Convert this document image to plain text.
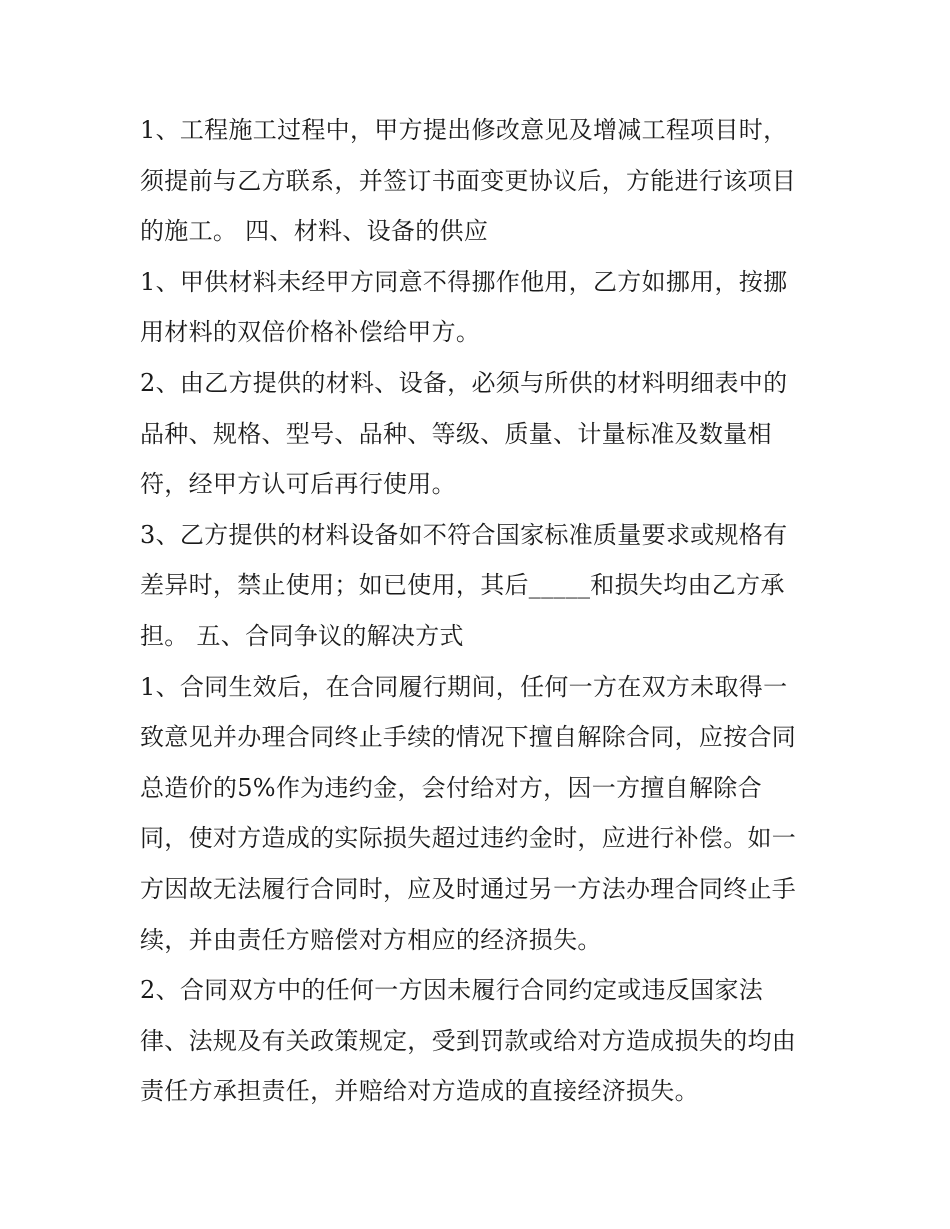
1、工程施工过程中，甲方提出修改意见及增减工程项目时，
须提前与乙方联系，并签订书面变更协议后，方能进行该项目
的施工。 四、材料、设备的供应
1、甲供材料未经甲方同意不得挪作他用，乙方如挪用，按挪
用材料的双倍价格补偿给甲方。
2、由乙方提供的材料、设备，必须与所供的材料明细表中的
品种、规格、型号、品种、等级、质量、计量标准及数量相
符，经甲方认可后再行使用。
3、乙方提供的材料设备如不符合国家标准质量要求或规格有
差异时，禁止使用；如已使用，其后_____和损失均由乙方承
担。 五、合同争议的解决方式
1、合同生效后，在合同履行期间，任何一方在双方未取得一
致意见并办理合同终止手续的情况下擅自解除合同，应按合同
总造价的5%作为违约金，会付给对方，因一方擅自解除合
同，使对方造成的实际损失超过违约金时，应进行补偿。如一
方因故无法履行合同时，应及时通过另一方法办理合同终止手
续，并由责任方赔偿对方相应的经济损失。
2、合同双方中的任何一方因未履行合同约定或违反国家法
律、法规及有关政策规定，受到罚款或给对方造成损失的均由
责任方承担责任，并赔给对方造成的直接经济损失。
